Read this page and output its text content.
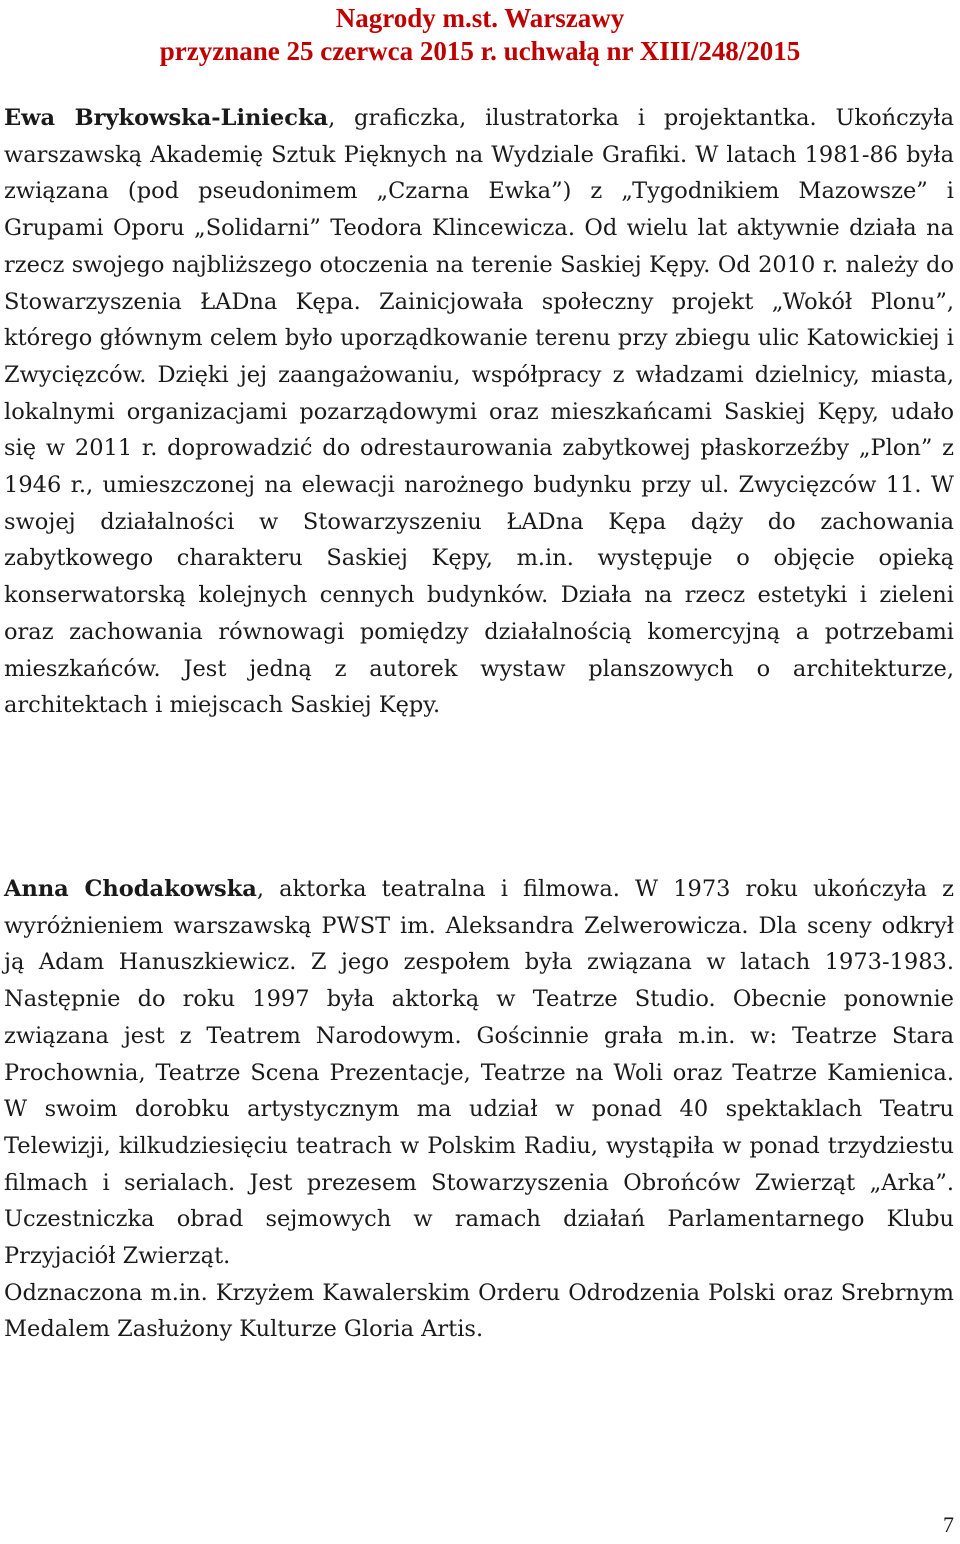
Nagrody m.st. Warszawy
przyznane 25 czerwca 2015 r. uchwałą nr XIII/248/2015

Ewa Brykowska-Liniecka, graficzka, ilustratorka i projektantka. Ukończyła warszawską Akademię Sztuk Pięknych na Wydziale Grafiki. W latach 1981-86 była związana (pod pseudonimem „Czarna Ewka”) z „Tygodnikiem Mazowsze” i Grupami Oporu „Solidarni” Teodora Klincewicza. Od wielu lat aktywnie działa na rzecz swojego najbliższego otoczenia na terenie Saskiej Kępy. Od 2010 r. należy do Stowarzyszenia ŁADna Kępa. Zainicjowała społeczny projekt „Wokół Plonu”, którego głównym celem było uporządkowanie terenu przy zbiegu ulic Katowickiej i Zwycięzców. Dzięki jej zaangażowaniu, współpracy z władzami dzielnicy, miasta, lokalnymi organizacjami pozarządowymi oraz mieszkańcami Saskiej Kępy, udało się w 2011 r. doprowadzić do odrestaurowania zabytkowej płaskorzeźby „Plon” z 1946 r., umieszczonej na elewacji narożnego budynku przy ul. Zwycięzców 11. W swojej działalności w Stowarzyszeniu ŁADna Kępa dąży do zachowania zabytkowego charakteru Saskiej Kępy, m.in. występuje o objęcie opieką konserwatorską kolejnych cennych budynków. Działa na rzecz estetyki i zieleni oraz zachowania równowagi pomiędzy działalnością komercyjną a potrzebami mieszkańców. Jest jedną z autorek wystaw planszowych o architekturze, architektach i miejscach Saskiej Kępy.

Anna Chodakowska, aktorka teatralna i filmowa. W 1973 roku ukończyła z wyróżnieniem warszawską PWST im. Aleksandra Zelwerowicza. Dla sceny odkrył ją Adam Hanuszkiewicz. Z jego zespołem była związana w latach 1973-1983. Następnie do roku 1997 była aktorką w Teatrze Studio. Obecnie ponownie związana jest z Teatrem Narodowym. Gościnnie grała m.in. w: Teatrze Stara Prochownia, Teatrze Scena Prezentacje, Teatrze na Woli oraz Teatrze Kamienica. W swoim dorobku artystycznym ma udział w ponad 40 spektaklach Teatru Telewizji, kilkudziesięciu teatrach w Polskim Radiu, wystąpiła w ponad trzydziestu filmach i serialach. Jest prezesem Stowarzyszenia Obrońców Zwierząt „Arka”. Uczestniczka obrad sejmowych w ramach działań Parlamentarnego Klubu Przyjaciół Zwierząt.

Odznaczona m.in. Krzyżem Kawalerskim Orderu Odrodzenia Polski oraz Srebrnym Medalem Zasłużony Kulturze Gloria Artis.

7
